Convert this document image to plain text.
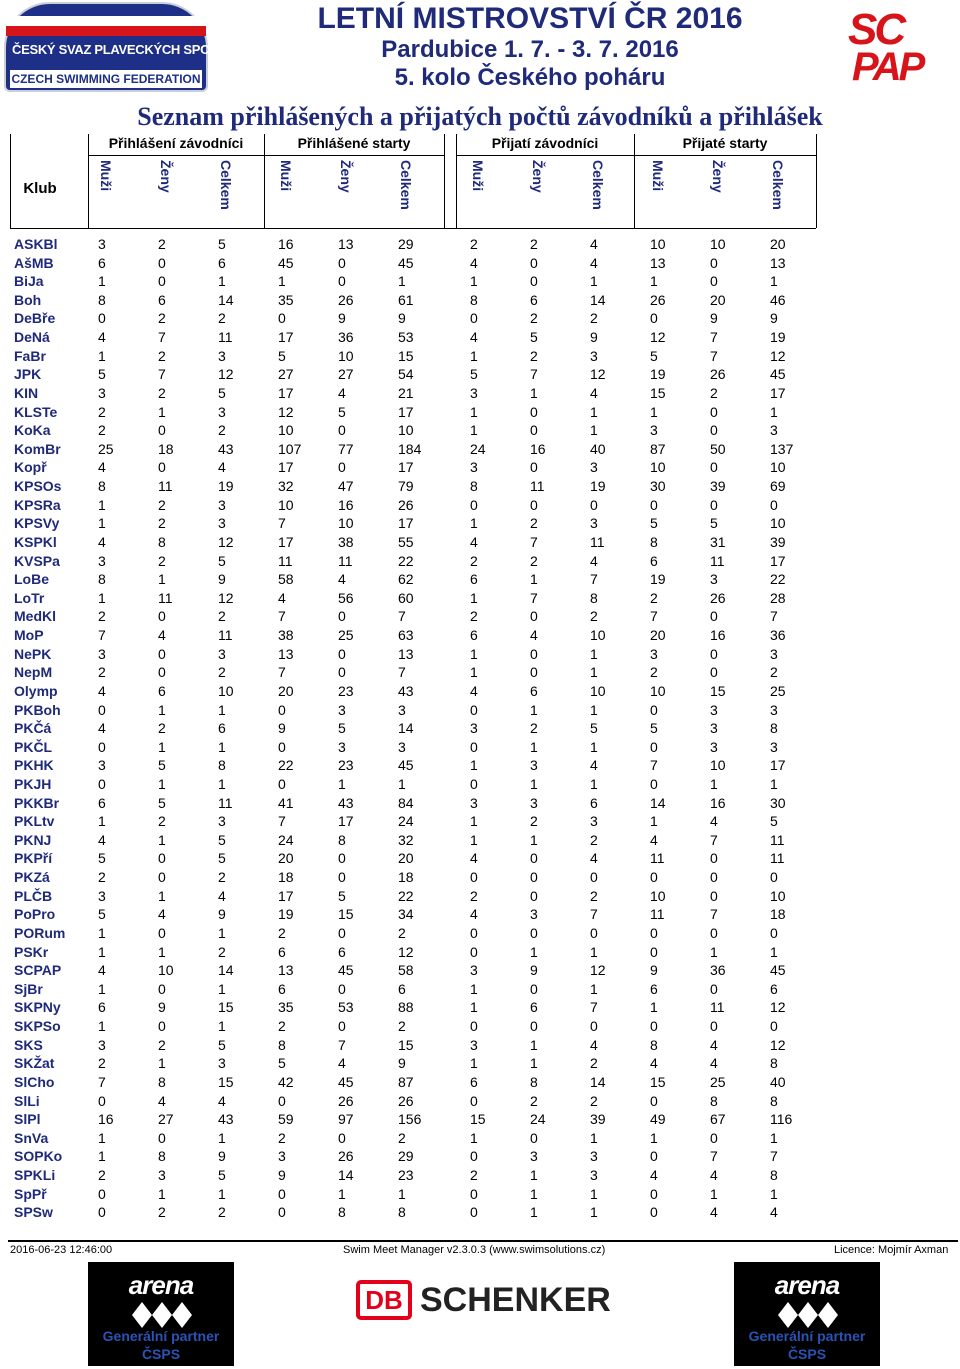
ČESKÝ SVAZ PLAVECKÝCH SPORTŮ
CZECH SWIMMING FEDERATION
LETNÍ MISTROVSTVÍ ČR 2016
Pardubice 1. 7. - 3. 7. 2016
5. kolo Českého poháru
SC
PAP
Seznam přihlášených a přijatých počtů závodníků a přihlášek
Klub
Přihlášení závodníci	Přihlášené starty	Přijatí závodníci	Přijaté starty
Muži	Ženy	Celkem	Muži	Ženy	Celkem	Muži	Ženy	Celkem	Muži	Ženy	Celkem
ASKBl	3	2	5	16	13	29	2	2	4	10	10	20
AšMB	6	0	6	45	0	45	4	0	4	13	0	13
BiJa	1	0	1	1	0	1	1	0	1	1	0	1
Boh	8	6	14	35	26	61	8	6	14	26	20	46
DeBře	0	2	2	0	9	9	0	2	2	0	9	9
DeNá	4	7	11	17	36	53	4	5	9	12	7	19
FaBr	1	2	3	5	10	15	1	2	3	5	7	12
JPK	5	7	12	27	27	54	5	7	12	19	26	45
KIN	3	2	5	17	4	21	3	1	4	15	2	17
KLSTe	2	1	3	12	5	17	1	0	1	1	0	1
KoKa	2	0	2	10	0	10	1	0	1	3	0	3
KomBr	25	18	43	107	77	184	24	16	40	87	50	137
Kopř	4	0	4	17	0	17	3	0	3	10	0	10
KPSOs	8	11	19	32	47	79	8	11	19	30	39	69
KPSRa	1	2	3	10	16	26	0	0	0	0	0	0
KPSVy	1	2	3	7	10	17	1	2	3	5	5	10
KSPKl	4	8	12	17	38	55	4	7	11	8	31	39
KVSPa	3	2	5	11	11	22	2	2	4	6	11	17
LoBe	8	1	9	58	4	62	6	1	7	19	3	22
LoTr	1	11	12	4	56	60	1	7	8	2	26	28
MedKl	2	0	2	7	0	7	2	0	2	7	0	7
MoP	7	4	11	38	25	63	6	4	10	20	16	36
NePK	3	0	3	13	0	13	1	0	1	3	0	3
NepM	2	0	2	7	0	7	1	0	1	2	0	2
Olymp	4	6	10	20	23	43	4	6	10	10	15	25
PKBoh	0	1	1	0	3	3	0	1	1	0	3	3
PKČá	4	2	6	9	5	14	3	2	5	5	3	8
PKČL	0	1	1	0	3	3	0	1	1	0	3	3
PKHK	3	5	8	22	23	45	1	3	4	7	10	17
PKJH	0	1	1	0	1	1	0	1	1	0	1	1
PKKBr	6	5	11	41	43	84	3	3	6	14	16	30
PKLtv	1	2	3	7	17	24	1	2	3	1	4	5
PKNJ	4	1	5	24	8	32	1	1	2	4	7	11
PKPří	5	0	5	20	0	20	4	0	4	11	0	11
PKZá	2	0	2	18	0	18	0	0	0	0	0	0
PLČB	3	1	4	17	5	22	2	0	2	10	0	10
PoPro	5	4	9	19	15	34	4	3	7	11	7	18
PORum 1	0	1	2	0	2	0	0	0	0	0	0
PSKr	1	1	2	6	6	12	0	1	1	0	1	1
SCPAP	4	10	14	13	45	58	3	9	12	9	36	45
SjBr	1	0	1	6	0	6	1	0	1	6	0	6
SKPNy	6	9	15	35	53	88	1	6	7	1	11	12
SKPSo	1	0	1	2	0	2	0	0	0	0	0	0
SKS	3	2	5	8	7	15	3	1	4	8	4	12
SKŽat	2	1	3	5	4	9	1	1	2	4	4	8
SlCho	7	8	15	42	45	87	6	8	14	15	25	40
SlLi	0	4	4	0	26	26	0	2	2	0	8	8
SlPl	16	27	43	59	97	156	15	24	39	49	67	116
SnVa	1	0	1	2	0	2	1	0	1	1	0	1
SOPKo	1	8	9	3	26	29	0	3	3	0	7	7
SPKLi	2	3	5	9	14	23	2	1	3	4	4	8
SpPř	0	1	1	0	1	1	0	1	1	0	1	1
SPSw	0	2	2	0	8	8	0	1	1	0	4	4
2016-06-23 12:46:00	Swim Meet Manager v2.3.0.3 (www.swimsolutions.cz)	Licence: Mojmír Axman
arena
Generální partner
ČSPS
DB SCHENKER	arena
Generální partner
ČSPS
